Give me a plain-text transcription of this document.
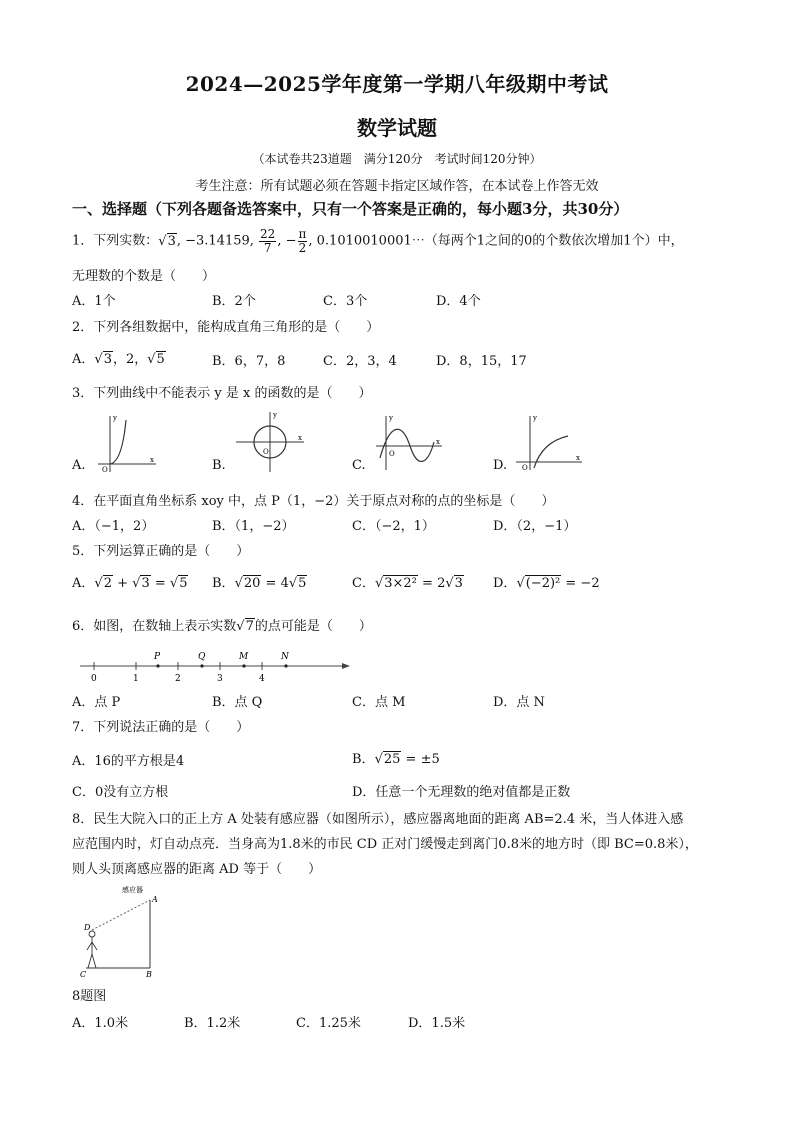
2024—2025学年度第一学期八年级期中考试
数学试题
（本试卷共23道题　满分120分　考试时间120分钟）
考生注意：所有试题必须在答题卡指定区域作答，在本试卷上作答无效
一、选择题（下列各题备选答案中，只有一个答案是正确的，每小题3分，共30分）
1．下列实数：√3, −3.14159, $\frac{22}{7}$ , − $\frac{\pi}{2}$ , 0.1010010001⋯（每两个1之间的0的个数依次增加1个）中，
无理数的个数是（　　）
A．1个	B．2个	C．3个	D．4个
2．下列各组数据中，能构成直角三角形的是（　　）
A．√3，2，√5	B．6，7，8	C．2，3，4	D．8，15，17
3．下列曲线中不能表示 y 是 x 的函数的是（　　）
A.	x
y
O	B.
x
y
O
C.
x
y
O
D.	x
y
O
4．在平面直角坐标系 xoy 中，点 P（1，−2）关于原点对称的点的坐标是（　　）
A．（−1，2）	B．（1，−2）	C．（−2，1）	D．（2，−1）
5．下列运算正确的是（　　）
A．√2 + √3 = √5 B．√20 = 4√5	C．√3×2² = 2√3 D．√(−2)² = −2
6．如图，在数轴上表示实数√7的点可能是（　　）
0	1	2	3	4
P	Q	M	N
A．点 P	B．点 Q	C．点 M	D．点 N
7．下列说法正确的是（　　）
A．16的平方根是4	B．√25 = ±5
C．0没有立方根	D．任意一个无理数的绝对值都是正数
8．民生大院入口的正上方 A 处装有感应器（如图所示），感应器离地面的距离 AB=2.4 米，当人体进入感
应范围内时，灯自动点亮．当身高为1.8米的市民 CD 正对门缓慢走到离门0.8米的地方时（即 BC=0.8米），
则人头顶离感应器的距离 AD 等于（　　）
感应器
A
B
C
D
8题图
A．1.0米	B．1.2米	C．1.25米	D．1.5米
